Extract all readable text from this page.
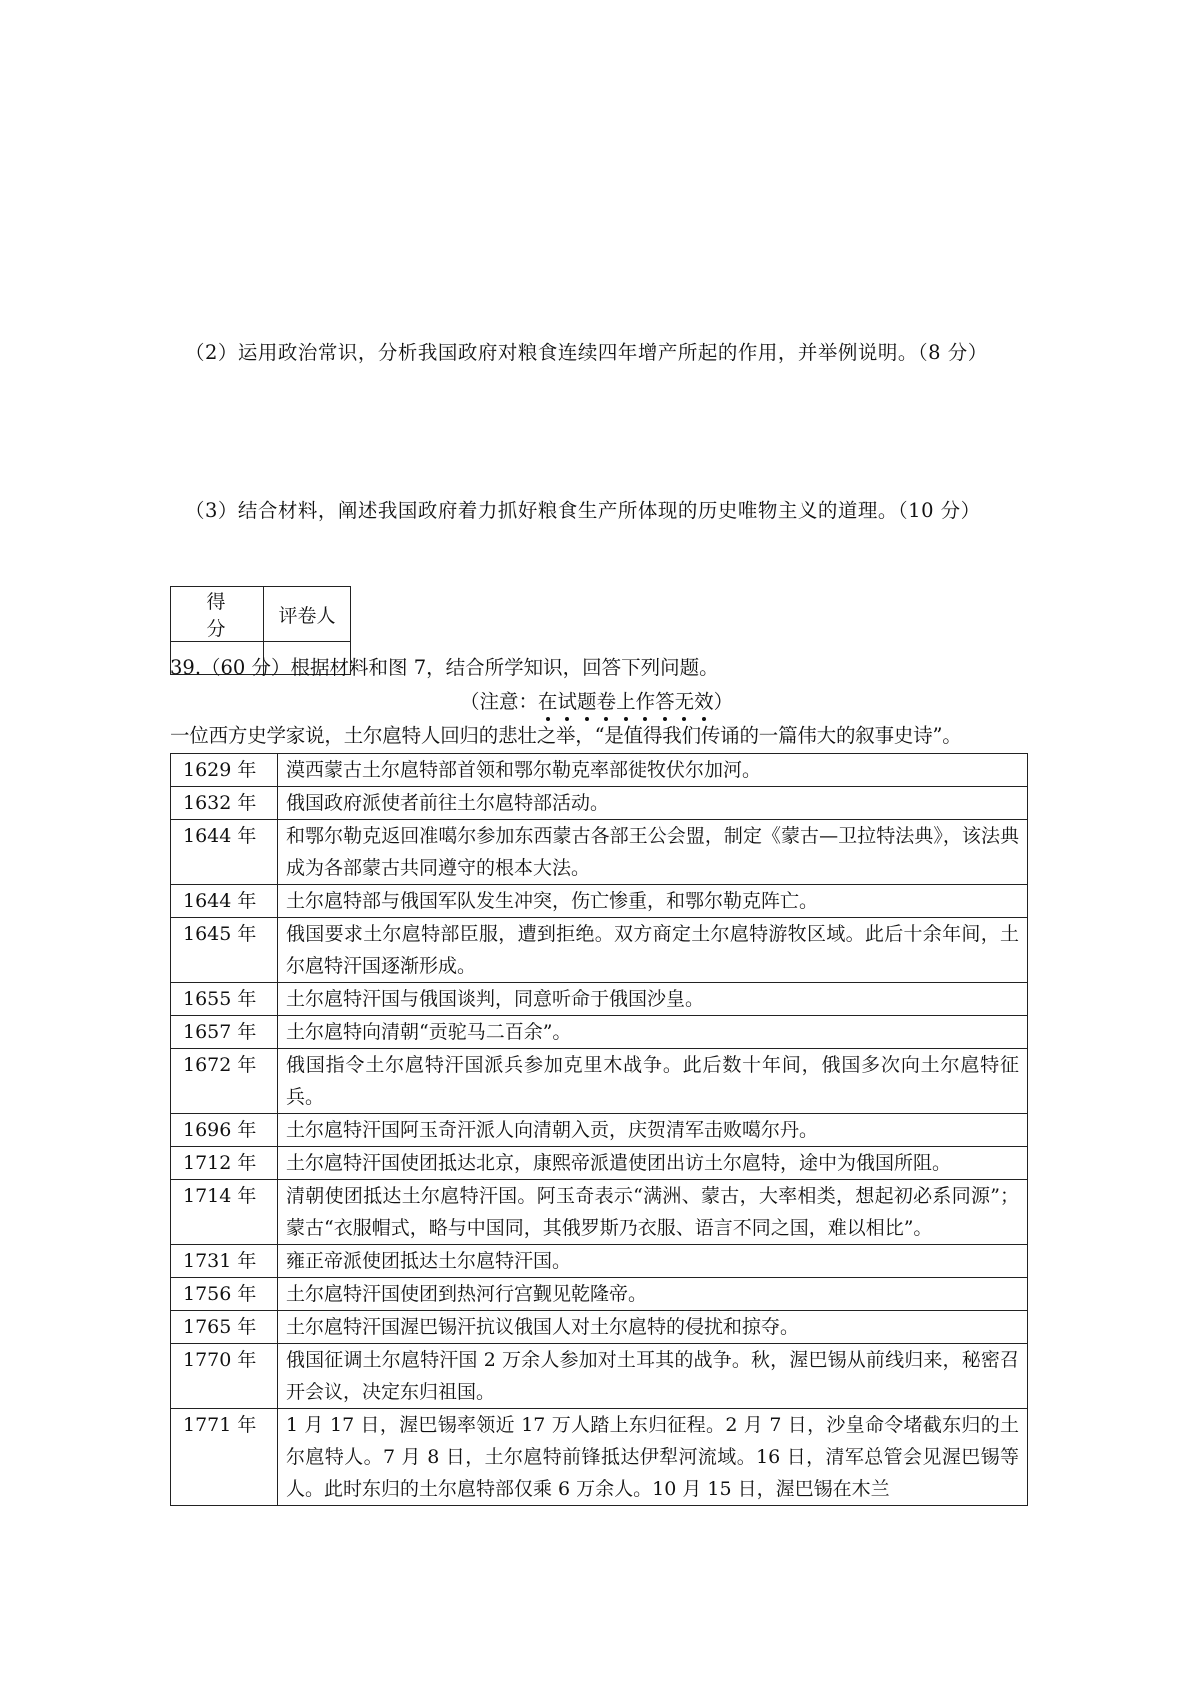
（2）运用政治常识，分析我国政府对粮食连续四年增产所起的作用，并举例说明。（8 分）
（3）结合材料，阐述我国政府着力抓好粮食生产所体现的历史唯物主义的道理。（10 分）
得 分	评卷人

39.（60 分）根据材料和图 7，结合所学知识，回答下列问题。
（注意：在试题卷上作答无效）
一位西方史学家说，土尔扈特人回归的悲壮之举，“是值得我们传诵的一篇伟大的叙事史诗”。
1629 年	漠西蒙古土尔扈特部首领和鄂尔勒克率部徙牧伏尔加河。
1632 年	俄国政府派使者前往土尔扈特部活动。
1644 年	和鄂尔勒克返回准噶尔参加东西蒙古各部王公会盟，制定《蒙古—卫拉特法典》，该法典成为各部蒙古共同遵守的根本大法。
1644 年	土尔扈特部与俄国军队发生冲突，伤亡惨重，和鄂尔勒克阵亡。
1645 年	俄国要求土尔扈特部臣服，遭到拒绝。双方商定土尔扈特游牧区域。此后十余年间，土尔扈特汗国逐渐形成。
1655 年	土尔扈特汗国与俄国谈判，同意听命于俄国沙皇。
1657 年	土尔扈特向清朝“贡驼马二百余”。
1672 年	俄国指令土尔扈特汗国派兵参加克里木战争。此后数十年间，俄国多次向土尔扈特征兵。
1696 年	土尔扈特汗国阿玉奇汗派人向清朝入贡，庆贺清军击败噶尔丹。
1712 年	土尔扈特汗国使团抵达北京，康熙帝派遣使团出访土尔扈特，途中为俄国所阻。
1714 年	清朝使团抵达土尔扈特汗国。阿玉奇表示“满洲、蒙古，大率相类，想起初必系同源”；蒙古“衣服帽式，略与中国同，其俄罗斯乃衣服、语言不同之国，难以相比”。
1731 年	雍正帝派使团抵达土尔扈特汗国。
1756 年	土尔扈特汗国使团到热河行宫觐见乾隆帝。
1765 年	土尔扈特汗国渥巴锡汗抗议俄国人对土尔扈特的侵扰和掠夺。
1770 年	俄国征调土尔扈特汗国 2 万余人参加对土耳其的战争。秋，渥巴锡从前线归来，秘密召开会议，决定东归祖国。
1771 年	1 月 17 日，渥巴锡率领近 17 万人踏上东归征程。2 月 7 日，沙皇命令堵截东归的土尔扈特人。7 月 8 日，土尔扈特前锋抵达伊犁河流域。16 日，清军总管会见渥巴锡等人。此时东归的土尔扈特部仅乘 6 万余人。10 月 15 日，渥巴锡在木兰
